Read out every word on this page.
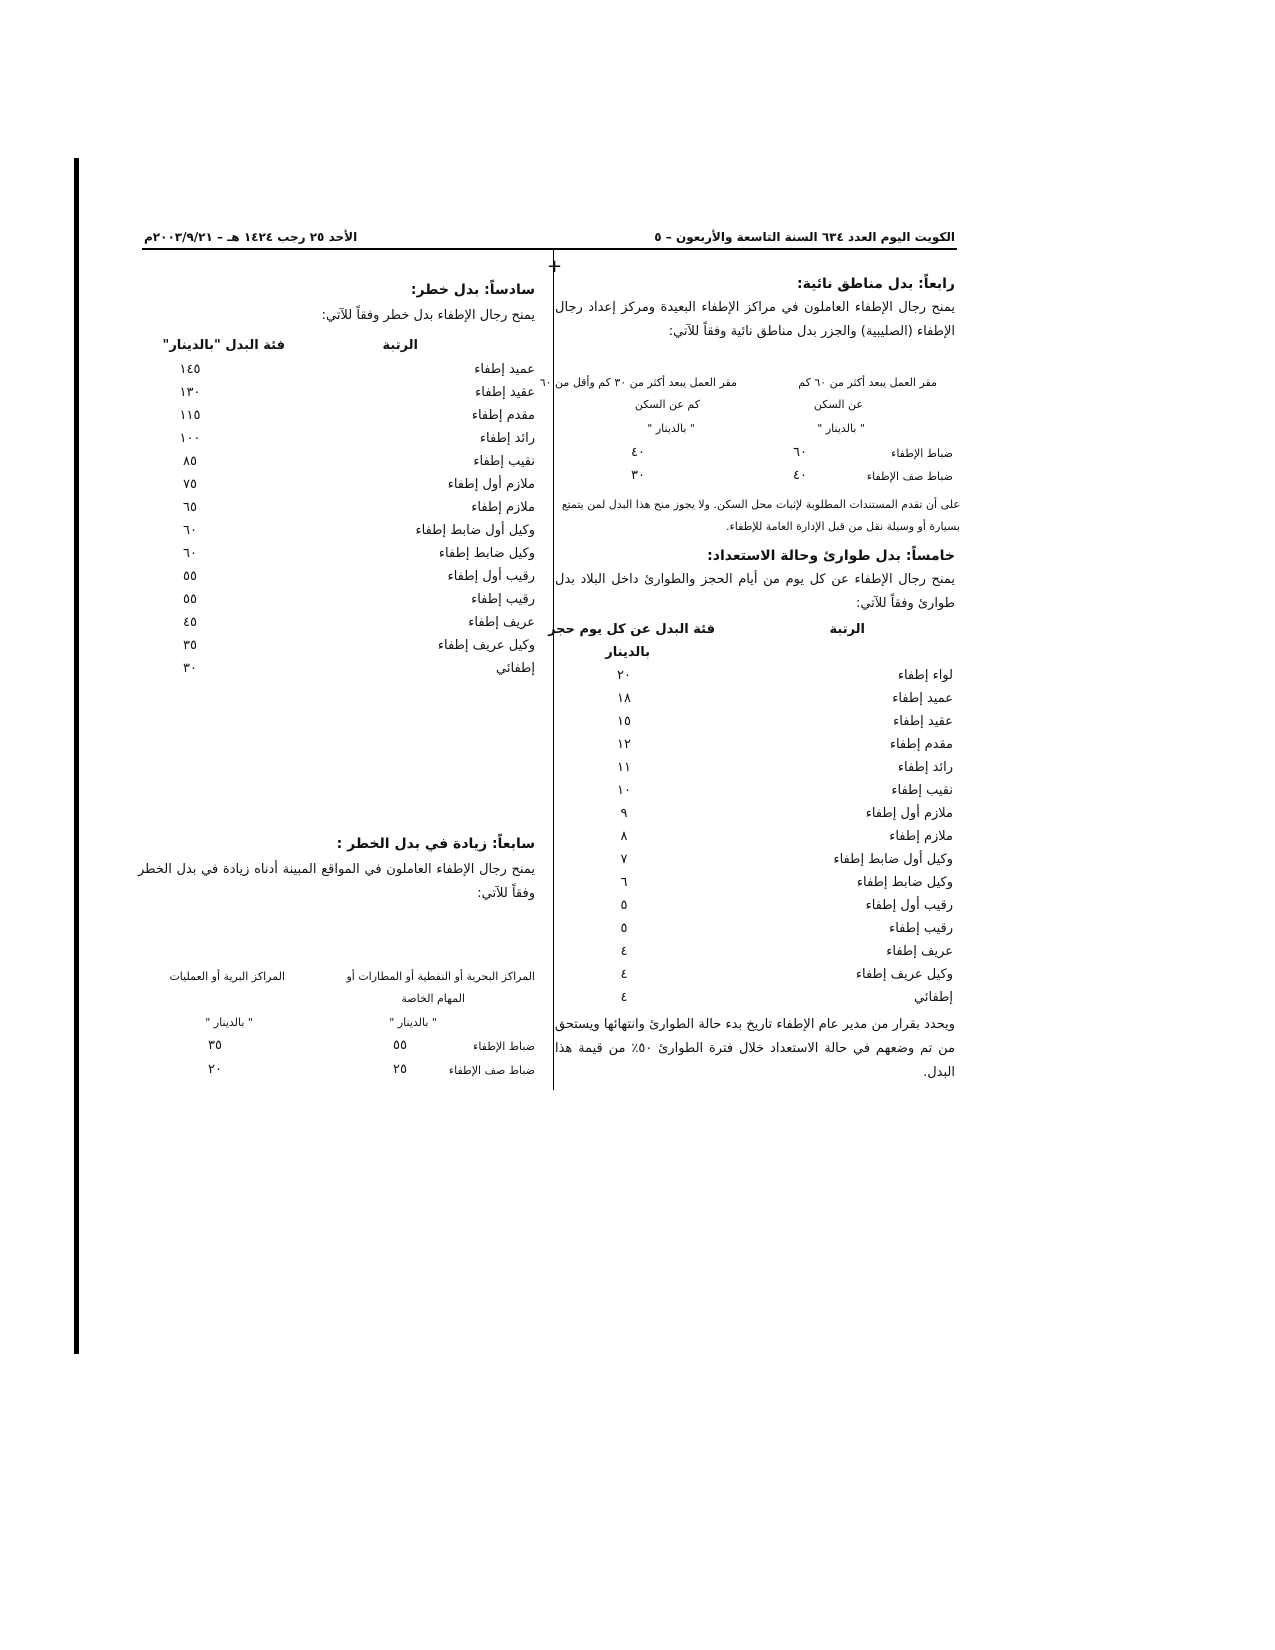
الكويت اليوم العدد ٦٣٤ السنة التاسعة والأربعون – ٥
الأحد ٢٥ رجب ١٤٢٤ هـ – ٢٠٠٣/٩/٢١م
+
رابعاً: بدل مناطق نائية:
يمنح رجال الإطفاء العاملون في مراكز الإطفاء البعيدة ومركز إعداد رجال الإطفاء (الصليبية) والجزر بدل مناطق نائية وفقاً للآتي:
مقر العمل يبعد أكثر من ٦٠ كم
عن السكن
مقر العمل يبعد أكثر من ٣٠ كم وأقل من ٦٠
كم عن السكن
" بالدينار "
" بالدينار "
ضباط الإطفاء
٦٠
٤٠
ضباط صف الإطفاء
٤٠
٣٠
على أن تقدم المستندات المطلوبة لإثبات محل السكن. ولا يجوز منح هذا البدل لمن يتمتع بسيارة أو وسيلة نقل من قبل الإدارة العامة للإطفاء.
خامساً: بدل طوارئ وحالة الاستعداد:
يمنح رجال الإطفاء عن كل يوم من أيام الحجز والطوارئ داخل البلاد بدل طوارئ وفقاً للآتي:
الرتبة
فئة البدل عن كل يوم حجز
بالدينار
لواء إطفاء
٢٠
عميد إطفاء
١٨
عقيد إطفاء
١٥
مقدم إطفاء
١٢
رائد إطفاء
١١
نقيب إطفاء
١٠
ملازم أول إطفاء
٩
ملازم إطفاء
٨
وكيل أول ضابط إطفاء
٧
وكيل ضابط إطفاء
٦
رقيب أول إطفاء
٥
رقيب إطفاء
٥
عريف إطفاء
٤
وكيل عريف إطفاء
٤
إطفائي
٤
ويحدد بقرار من مدير عام الإطفاء تاريخ بدء حالة الطوارئ وانتهائها ويستحق من تم وضعهم في حالة الاستعداد خلال فترة الطوارئ ٥٠٪ من قيمة هذا البدل.
سادساً: بدل خطر:
يمنح رجال الإطفاء بدل خطر وفقاً للآتي:
الرتبة
فئة البدل "بالدينار"
عميد إطفاء
١٤٥
عقيد إطفاء
١٣٠
مقدم إطفاء
١١٥
رائد إطفاء
١٠٠
نقيب إطفاء
٨٥
ملازم أول إطفاء
٧٥
ملازم إطفاء
٦٥
وكيل أول ضابط إطفاء
٦٠
وكيل ضابط إطفاء
٦٠
رقيب أول إطفاء
٥٥
رقيب إطفاء
٥٥
عريف إطفاء
٤٥
وكيل عريف إطفاء
٣٥
إطفائي
٣٠
سابعاً: زيادة في بدل الخطر :
يمنح رجال الإطفاء العاملون في المواقع المبينة أدناه زيادة في بدل الخطر وفقاً للآتي:
المراكز البحرية أو النفطية أو المطارات أو
المهام الخاصة
المراكز البرية أو العمليات
" بالدينار "
" بالدينار "
ضباط الإطفاء
٥٥
٣٥
ضباط صف الإطفاء
٢٥
٢٠
